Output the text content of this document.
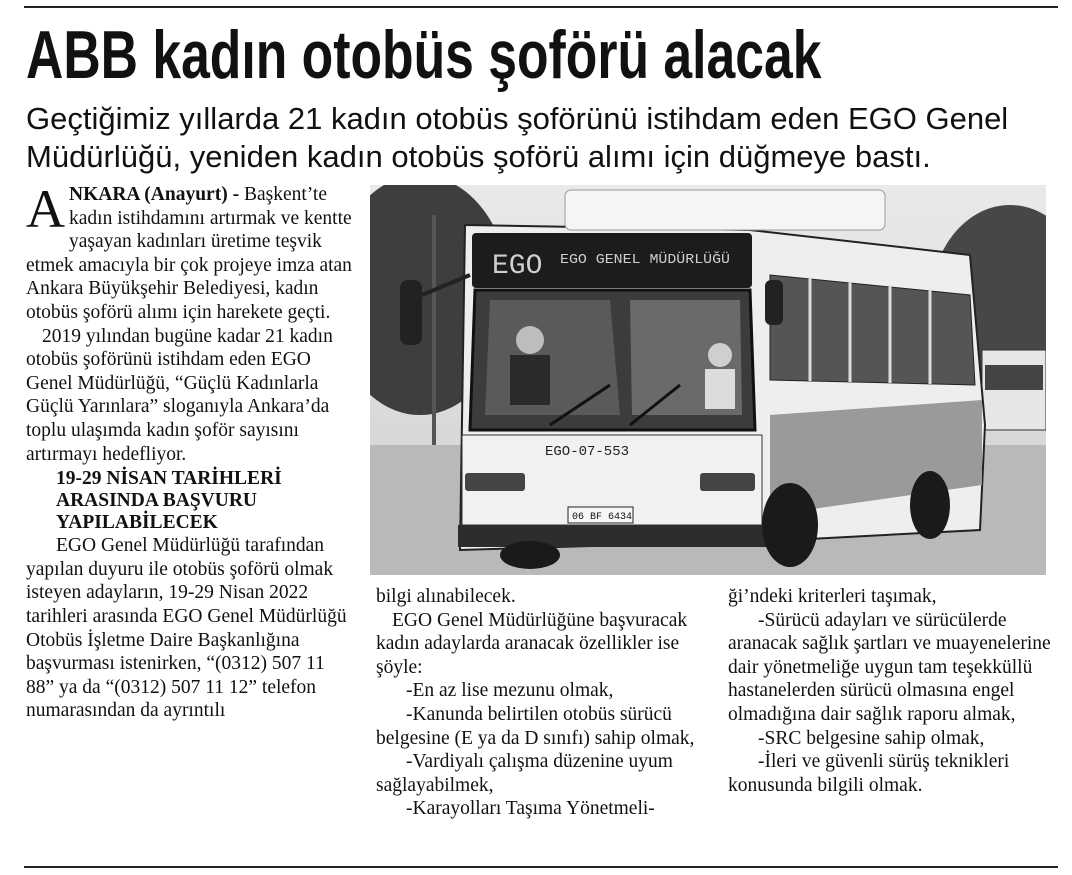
ABB kadın otobüs şoförü alacak
Geçtiğimiz yıllarda 21 kadın otobüs şoförünü istihdam eden EGO Genel Müdürlüğü, yeniden kadın otobüs şoförü alımı için düğmeye bastı.

A NKARA (Anayurt) - Başkent’te kadın istihdamını artırmak ve kentte yaşayan kadınları üretime teşvik etmek amacıyla bir çok projeye imza atan Ankara Büyükşehir Belediyesi, kadın otobüs şoförü alımı için harekete geçti.

2019 yılından bugüne kadar 21 kadın otobüs şoförünü istihdam eden EGO Genel Müdürlüğü, “Güçlü Kadınlarla Güçlü Yarınlara” sloganıyla Ankara’da toplu ulaşımda kadın şoför sayısını artırmayı hedefliyor.

19-29 NİSAN TARİHLERİ ARASINDA BAŞVURU YAPILABİLECEK

EGO Genel Müdürlüğü tarafından yapılan duyuru ile otobüs şoförü olmak isteyen adayların, 19-29 Nisan 2022 tarihleri arasında EGO Genel Müdürlüğü Otobüs İşletme Daire Başkanlığına başvurması istenirken, “(0312) 507 11 88” ya da “(0312) 507 11 12” telefon numarasından da ayrıntılı

EGO EGO GENEL MÜDÜRLÜĞÜ
EGO-07-553
06 BF 6434

bilgi alınabilecek.

EGO Genel Müdürlüğüne başvuracak kadın adaylarda aranacak özellikler ise şöyle:

-En az lise mezunu olmak,

-Kanunda belirtilen otobüs sürücü belgesine (E ya da D sınıfı) sahip olmak,

-Vardiyalı çalışma düzenine uyum sağlayabilmek,

-Karayolları Taşıma Yönetmeli-

ği’ndeki kriterleri taşımak,

-Sürücü adayları ve sürücülerde aranacak sağlık şartları ve muayenelerine dair yönetmeliğe uygun tam teşekküllü hastanelerden sürücü olmasına engel olmadığına dair sağlık raporu almak,

-SRC belgesine sahip olmak,

-İleri ve güvenli sürüş teknikleri konusunda bilgili olmak.
